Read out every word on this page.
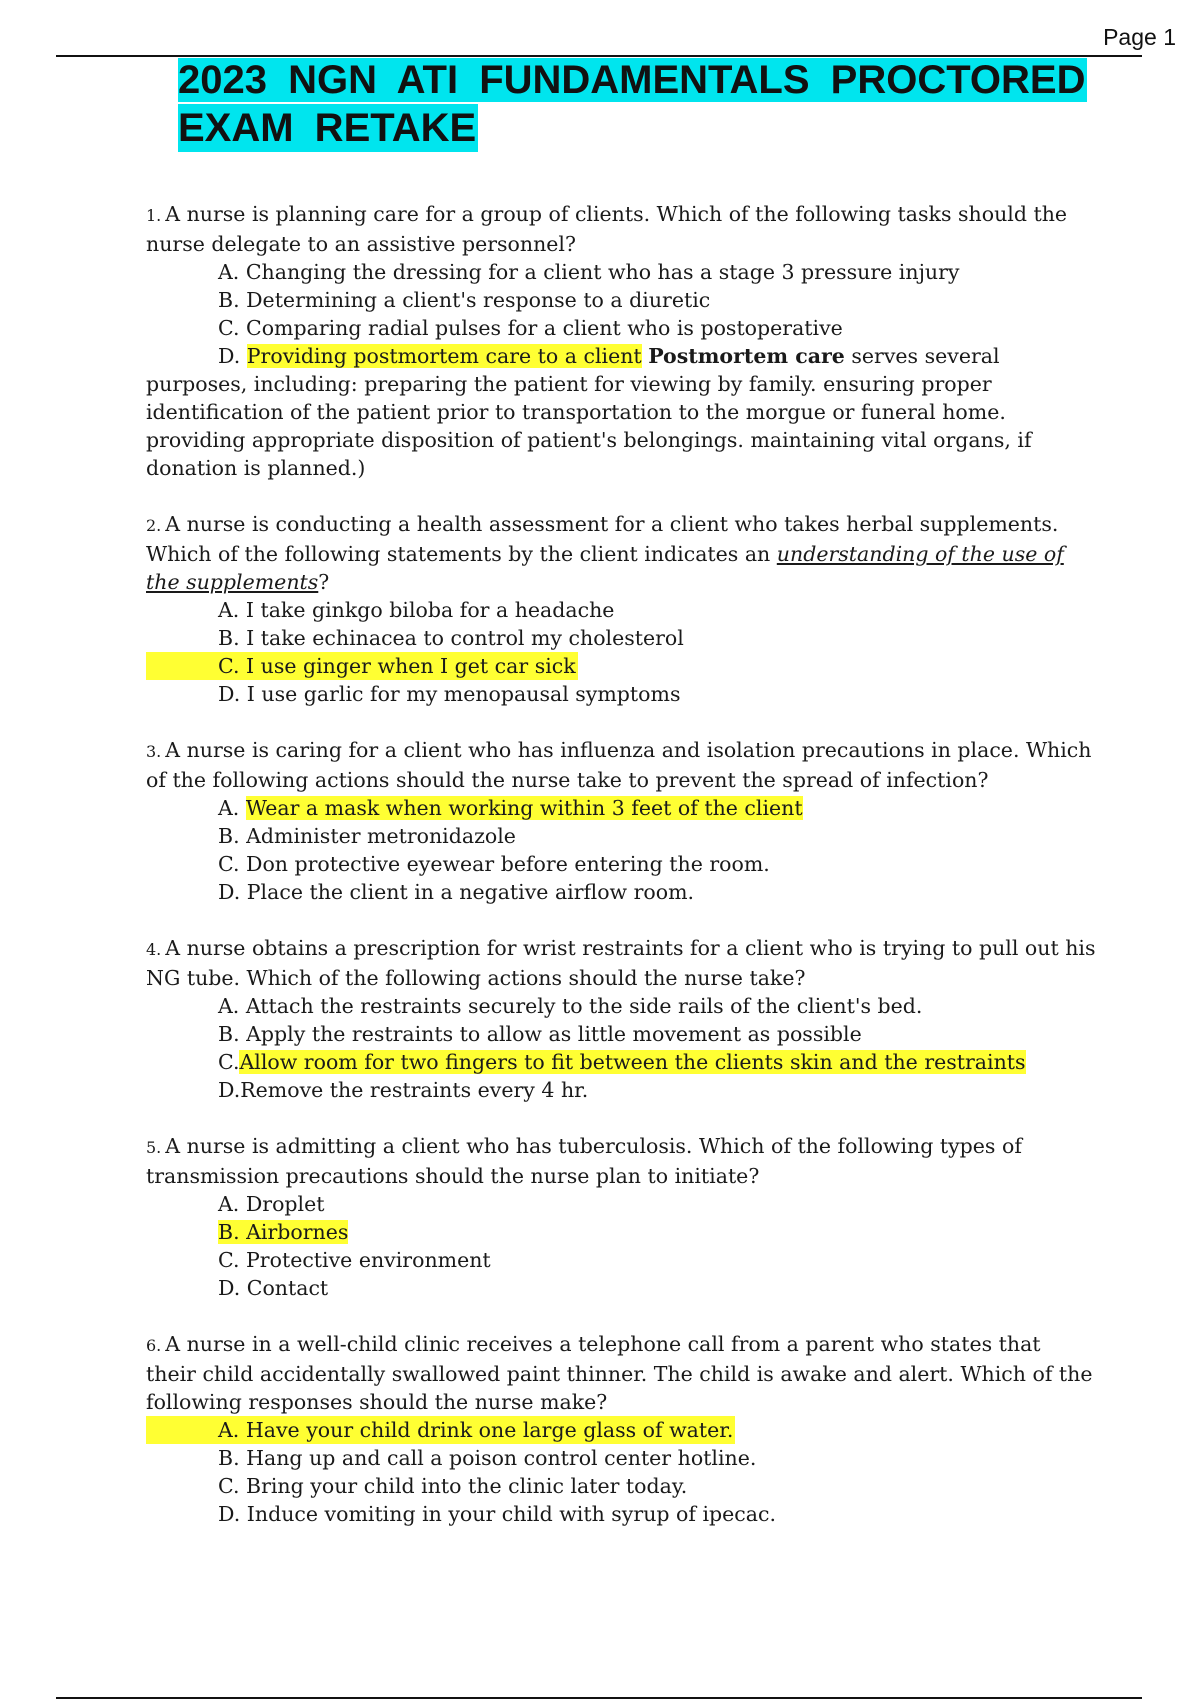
Page 1
2023 NGN ATI FUNDAMENTALS PROCTORED
EXAM RETAKE

1. A nurse is planning care for a group of clients. Which of the following tasks should the nurse delegate to an assistive personnel?

A. Changing the dressing for a client who has a stage 3 pressure injury
B. Determining a client's response to a diuretic
C. Comparing radial pulses for a client who is postoperative
D. Providing postmortem care to a client Postmortem care serves several purposes, including: preparing the patient for viewing by family. ensuring proper identification of the patient prior to transportation to the morgue or funeral home. providing appropriate disposition of patient's belongings. maintaining vital organs, if donation is planned.)

2. A nurse is conducting a health assessment for a client who takes herbal supplements. Which of the following statements by the client indicates an understanding of the use of the supplements?

A. I take ginkgo biloba for a headache
B. I take echinacea to control my cholesterol
C. I use ginger when I get car sick
D. I use garlic for my menopausal symptoms

3. A nurse is caring for a client who has influenza and isolation precautions in place. Which of the following actions should the nurse take to prevent the spread of infection?

A. Wear a mask when working within 3 feet of the client
B. Administer metronidazole
C. Don protective eyewear before entering the room.
D. Place the client in a negative airflow room.

4. A nurse obtains a prescription for wrist restraints for a client who is trying to pull out his NG tube. Which of the following actions should the nurse take?

A. Attach the restraints securely to the side rails of the client's bed.
B. Apply the restraints to allow as little movement as possible
C.Allow room for two fingers to fit between the clients skin and the restraints
D.Remove the restraints every 4 hr.

5. A nurse is admitting a client who has tuberculosis. Which of the following types of transmission precautions should the nurse plan to initiate?

A. Droplet
B. Airbornes
C. Protective environment
D. Contact

6. A nurse in a well-child clinic receives a telephone call from a parent who states that their child accidentally swallowed paint thinner. The child is awake and alert. Which of the following responses should the nurse make?

A. Have your child drink one large glass of water.
B. Hang up and call a poison control center hotline.
C. Bring your child into the clinic later today.
D. Induce vomiting in your child with syrup of ipecac.
